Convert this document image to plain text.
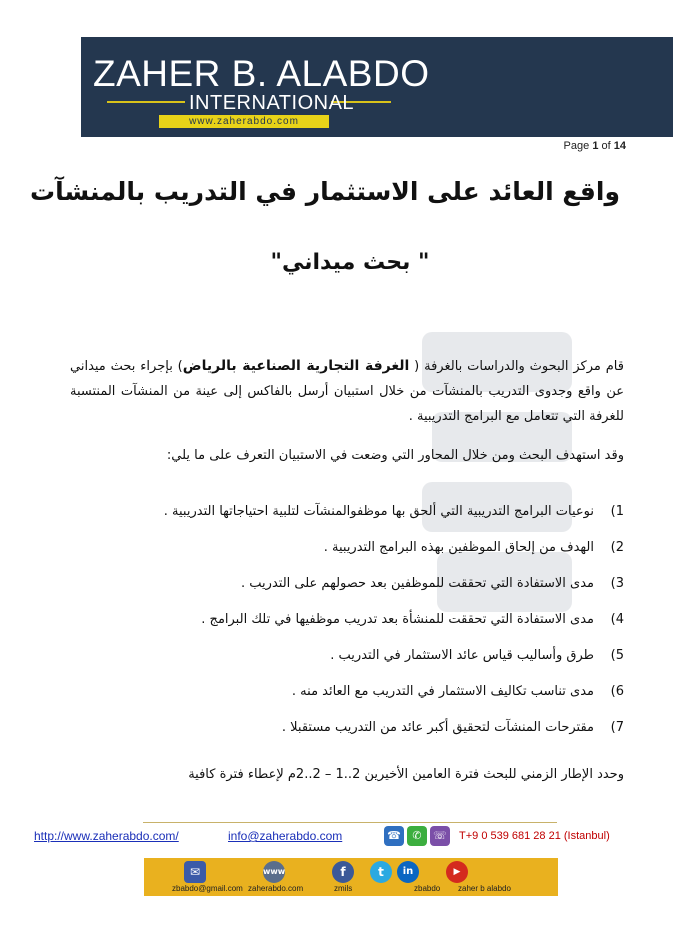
ZAHER B. ALABDO
INTERNATIONAL
www.zaherabdo.com
Page 1 of 14
واقع العائد على الاستثمار في التدريب بالمنشآت
" بحث ميداني"
قام مركز البحوث والدراسات بالغرفة ( الغرفة التجارية الصناعية بالرياض) بإجراء بحث ميداني عن واقع وجدوى التدريب بالمنشآت من خلال استبيان أرسل بالفاكس إلى عينة من المنشآت المنتسبة للغرفة التي تتعامل مع البرامج التدريبية .
وقد استهدف البحث ومن خلال المحاور التي وضعت في الاستبيان التعرف على ما يلي:
1)
نوعيات البرامج التدريبية التي ألحق بها موظفوالمنشآت لتلبية احتياجاتها التدريبية .
2)
الهدف من إلحاق الموظفين بهذه البرامج التدريبية .
3)
مدى الاستفادة التي تحققت للموظفين بعد حصولهم على التدريب .
4)
مدى الاستفادة التي تحققت للمنشأة بعد تدريب موظفيها في تلك البرامج .
5)
طرق وأساليب قياس عائد الاستثمار في التدريب .
6)
مدى تناسب تكاليف الاستثمار في التدريب مع العائد منه .
7)
مقترحات المنشآت لتحقيق أكبر عائد من التدريب مستقبلا .
وحدد الإطار الزمني للبحث فترة العامين الأخيرين 2..1 – 2..2م لإعطاء فترة كافية
http://www.zaherabdo.com/	info@zaherabdo.com	☎	✆	☏ T+9 0 539 681 28 21 (Istanbul)
✉
zbabdo@gmail.com
www
zaherabdo.com
f
zmils
t	in
zbabdo
▶
zaher b alabdo
